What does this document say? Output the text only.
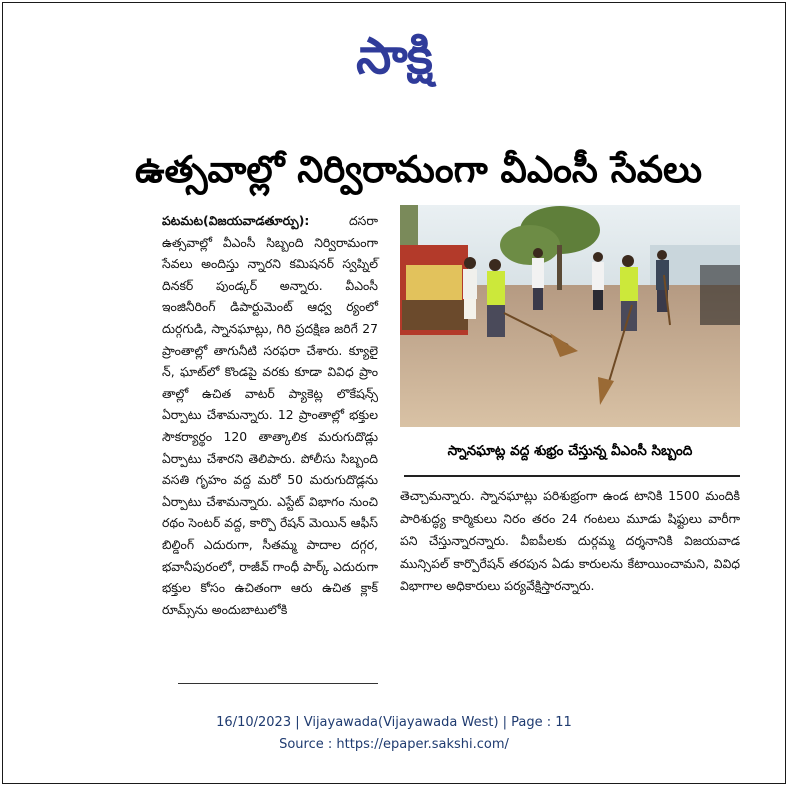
సాక్షి
ఉత్సవాల్లో నిర్విరామంగా వీఎంసీ సేవలు
పటమట(విజయవాడతూర్పు): దసరా ఉత్సవాల్లో వీఎంసీ సిబ్బంది నిర్విరామంగా సేవలు అందిస్తు న్నారని కమిషనర్ స్వప్నిల్ దినకర్ పుండ్కర్ అన్నారు. వీఎంసీ ఇంజినీరింగ్ డిపార్టుమెంట్ ఆధ్వ ర్యంలో దుర్గగుడి, స్నానఘాట్లు, గిరి ప్రదక్షిణ జరిగే 27 ప్రాంతాల్లో తాగునీటి సరఫరా చేశారు. క్యూలై న్, ఘాట్‌లో కొండపై వరకు కూడా వివిధ ప్రాం తాల్లో ఉచిత వాటర్ ప్యాకెట్ల లొకేషన్స్ ఏర్పాటు చేశామన్నారు. 12 ప్రాంతాల్లో భక్తుల సౌకర్యార్థం 120 తాత్కాలిక మరుగుదొడ్లు ఏర్పాటు చేశారని తెలిపారు. పోలీసు సిబ్బంది వసతి గృహం వద్ద మరో 50 మరుగుదొడ్లను ఏర్పాటు చేశామన్నారు. ఎస్టేట్ విభాగం నుంచి రథం సెంటర్ వద్ద, కార్పొ రేషన్ మెయిన్ ఆఫీస్ బిల్డింగ్ ఎదురుగా, సీతమ్మ పాదాల దగ్గర, భవానీపురంలో, రాజీవ్ గాంధీ పార్క్ ఎదురుగా భక్తుల కోసం ఉచితంగా ఆరు ఉచిత క్లాక్ రూమ్స్‌ను అందుబాటులోకి
స్నానఘాట్ల వద్ద శుభ్రం చేస్తున్న వీఎంసీ సిబ్బంది
తెచ్చామన్నారు. స్నానఘాట్లు పరిశుభ్రంగా ఉండ టానికి 1500 మందికి పారిశుద్ధ్య కార్మికులు నిరం తరం 24 గంటలు మూడు షిఫ్టులు వారీగా పని చేస్తున్నారన్నారు. వీఐపీలకు దుర్గమ్మ దర్శనానికి విజయవాడ మున్సిపల్ కార్పొరేషన్ తరపున ఏడు కారులను కేటాయించామని, వివిధ విభాగాల అధికారులు పర్యవేక్షిస్తారన్నారు.
16/10/2023 | Vijayawada(Vijayawada West) | Page : 11
Source : https://epaper.sakshi.com/
